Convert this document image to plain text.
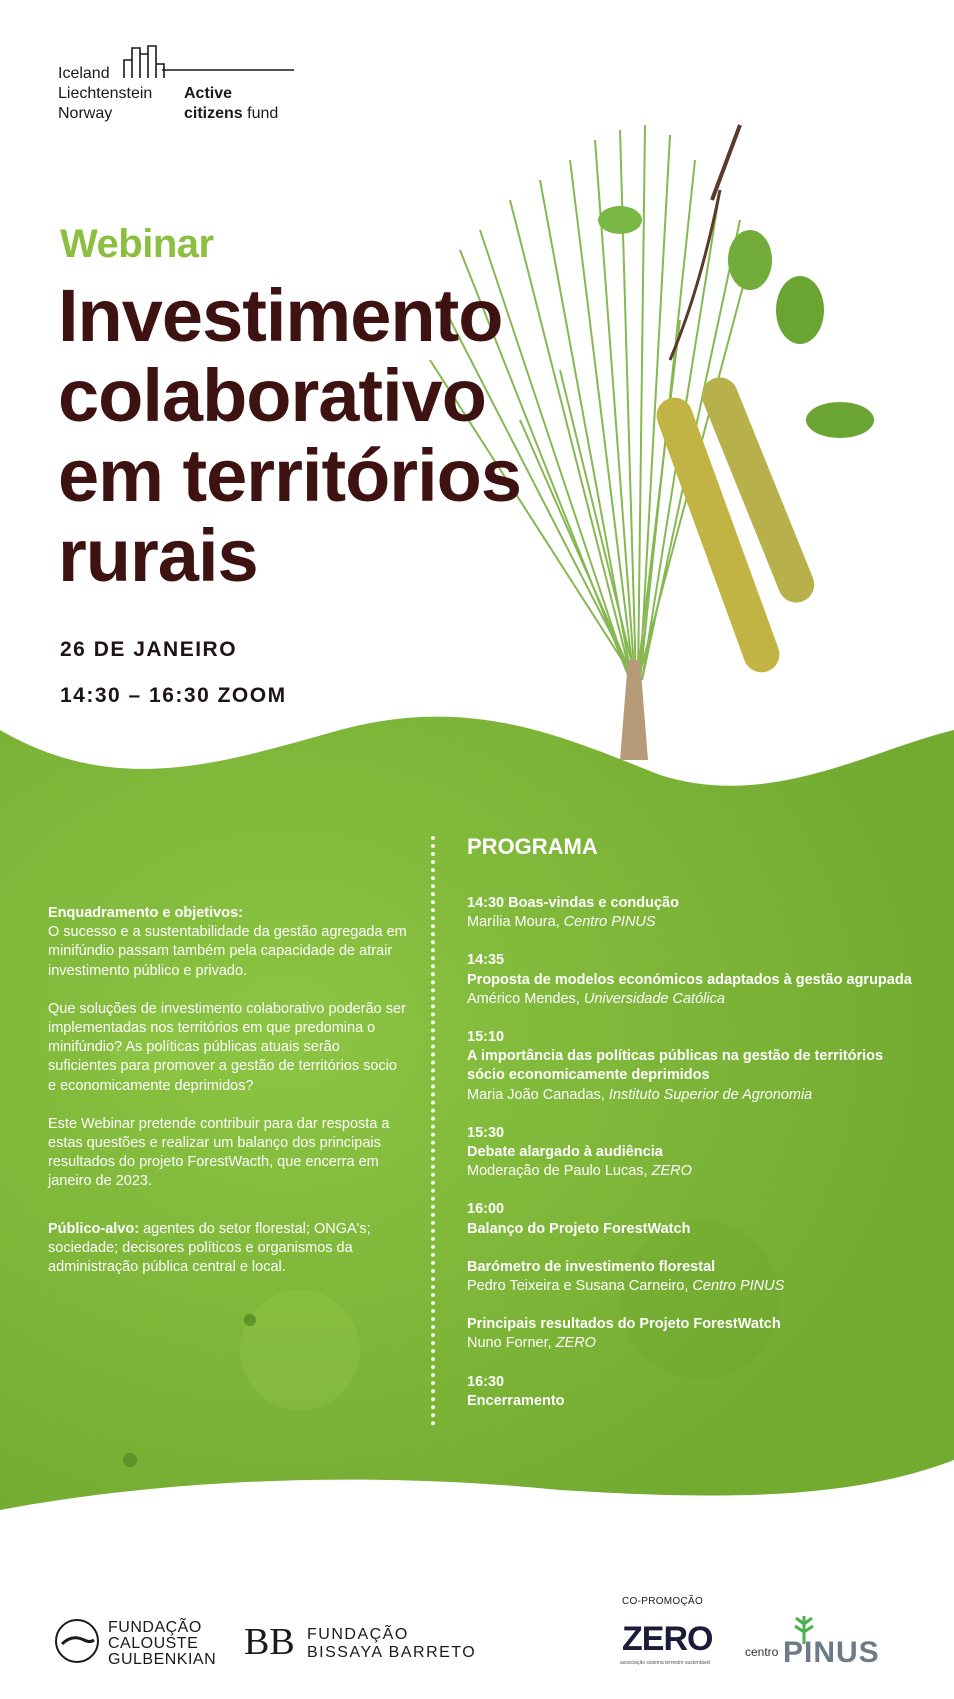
Iceland
Liechtenstein
Norway
Active
citizens fund
Webinar
Investimento colaborativo em territórios rurais
26 DE JANEIRO
14:30 – 16:30 ZOOM

Enquadramento e objetivos:
O sucesso e a sustentabilidade da gestão agregada em minifúndio passam também pela capacidade de atrair investimento público e privado.

Que soluções de investimento colaborativo poderão ser implementadas nos territórios em que predomina o minifúndio? As políticas públicas atuais serão suficientes para promover a gestão de territórios socio e economicamente deprimidos?

Este Webinar pretende contribuir para dar resposta a estas questões e realizar um balanço dos principais resultados do projeto ForestWacth, que encerra em janeiro de 2023.

Público-alvo: agentes do setor florestal; ONGA's; sociedade; decisores políticos e organismos da administração pública central e local.

PROGRAMA
14:30 Boas-vindas e condução
Marília Moura, Centro PINUS
14:35
Proposta de modelos económicos adaptados à gestão agrupada
Américo Mendes, Universidade Católica
15:10
A importância das políticas públicas na gestão de territórios sócio economicamente deprimidos
Maria João Canadas, Instituto Superior de Agronomia
15:30
Debate alargado à audiência
Moderação de Paulo Lucas, ZERO
16:00
Balanço do Projeto ForestWatch
Barómetro de investimento florestal
Pedro Teixeira e Susana Carneiro, Centro PINUS
Principais resultados do Projeto ForestWatch
Nuno Forner, ZERO
16:30
Encerramento
FUNDAÇÃO
CALOUSTE
GULBENKIAN BB FUNDAÇÃO
BISSAYA BARRETO
CO-PROMOÇÃO
ZERO
associação sistema terrestre sustentável
centro PINUS
